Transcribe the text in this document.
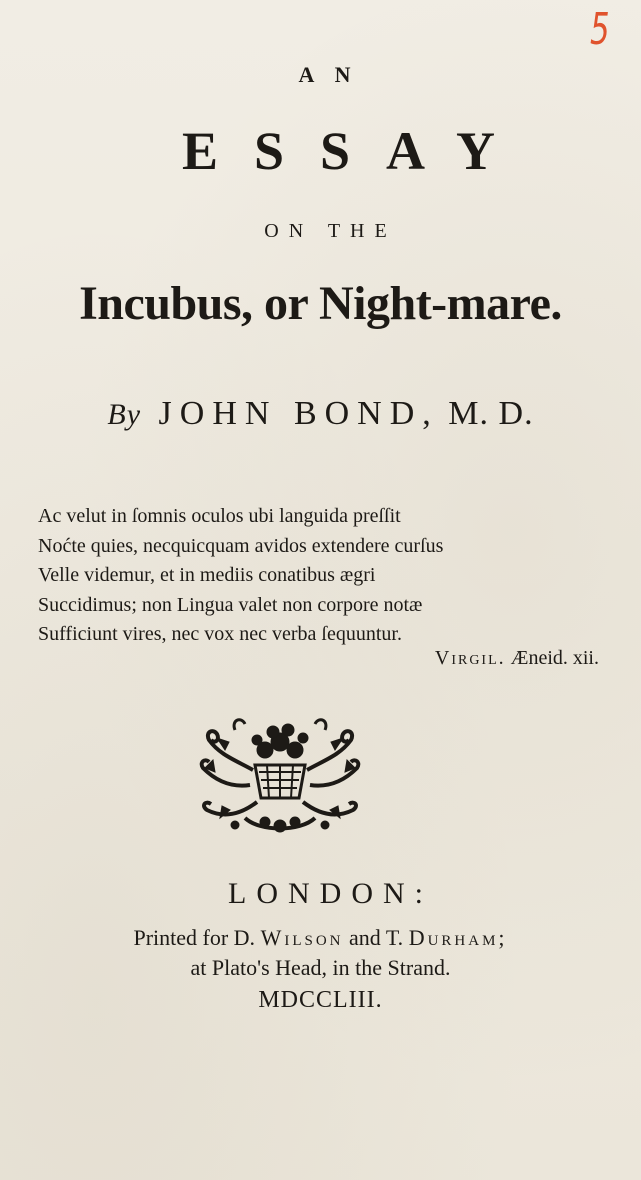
5
A N
ESSAY
ON THE
Incubus, or Night-mare.
By JOHN BOND, M. D.
Ac velut in ſomnis oculos ubi languida preſſit
Noćte quies, necquicquam avidos extendere curſus
Velle videmur, et in mediis conatibus ægri
Succidimus; non Lingua valet non corpore notæ
Sufficiunt vires, nec vox nec verba ſequuntur.
Virgil. Æneid. xii.
LONDON:
Printed for D. Wilson and T. Durham;
at Plato's Head, in the Strand.
MDCCLIII.
